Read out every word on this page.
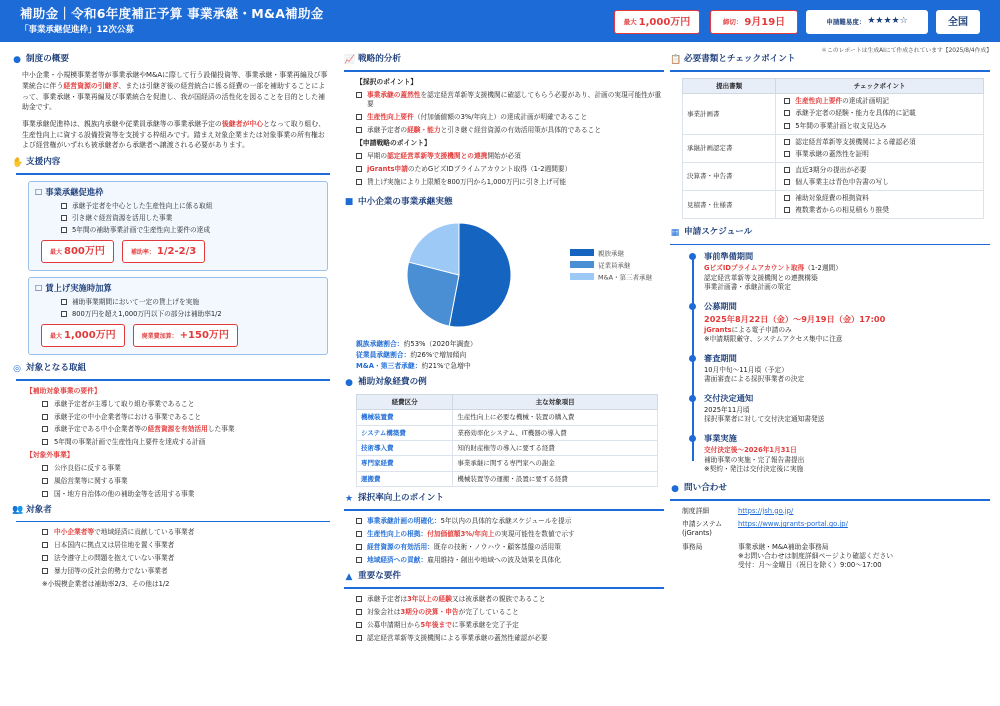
補助金｜令和6年度補正予算 事業承継・M&A補助金
「事業承継促進枠」12次公募
最大 1,000万円	締切： 9月19日	申請難易度： ★★★★☆	全国
＊このレポートは生成AIにて作成されています【2025/8/4作成】
● 制度の概要
中小企業・小規模事業者等が事業承継やM&Aに際して行う設備投資等、事業承継・事業再編及び事業統合に伴う経営資源の引継ぎ、または引継ぎ後の経営統合に係る経費の一部を補助することによって、事業承継・事業再編及び事業統合を促進し、我が国経済の活性化を図ることを目的とした補助金です。
事業承継促進枠は、親族内承継や従業員承継等の事業承継予定の後継者が中心となって取り組む、生産性向上に資する設備投資等を支援する枠組みです。踏まえ対象企業または対象事業の所有権および経営権がいずれも被承継者から承継者へ譲渡される必要があります。
✋ 支援内容
☐ 事業承継促進枠
承継予定者を中心とした生産性向上に係る取組
引き継ぐ経営資源を活用した事業
5年間の補助事業計画で生産性向上要件の達成
最大 800万円	補助率： 1/2-2/3
☐ 賃上げ実施時加算
補助事業期間において一定の賃上げを実施
800万円を超え1,000万円以下の部分は補助率1/2
最大 1,000万円	廃業費加算： +150万円
◎ 対象となる取組
【補助対象事業の要件】
承継予定者が主導して取り組む事業であること
承継予定の中小企業者等における事業であること
承継予定である中小企業者等の経営資源を有効活用した事業
5年間の事業計画で生産性向上要件を達成する計画
【対象外事業】
公序良俗に反する事業
風俗営業等に関する事業
国・地方自治体の他の補助金等を活用する事業
👥 対象者
中小企業者等で地域経済に貢献している事業者
日本国内に拠点又は居住地を置く事業者
法令遵守上の問題を抱えていない事業者
暴力団等の反社会的勢力でない事業者
※小規模企業者は補助率2/3、その他は1/2
📈 戦略的分析
【採択のポイント】
事業承継の蓋然性を認定経営革新等支援機関に確認してもらう必要があり、計画の実現可能性が重要
生産性向上要件（付加価値額の3%/年向上）の達成計画が明確であること
承継予定者の経験・能力と引き継ぐ経営資源の有効活用策が具体的であること
【申請戦略のポイント】
早期の認定経営革新等支援機関との連携開始が必須
jGrants申請のためGビズIDプライムアカウント取得（1-2週間要）
賃上げ実施により上限額を800万円から1,000万円に引き上げ可能
■ 中小企業の事業承継実態
親族承継
従業員承継
M&A・第三者承継
親族承継割合：約53%（2020年調査）
従業員承継割合：約26%で増加傾向
M&A・第三者承継：約21%で急増中
● 補助対象経費の例
経費区分	主な対象項目
機械装置費	生産性向上に必要な機械・装置の購入費
システム構築費	業務効率化システム、IT機器の導入費
技術導入費	知的財産権等の導入に要する経費
専門家経費	事業承継に関する専門家への謝金
運搬費	機械装置等の運搬・設置に要する経費
★ 採択率向上のポイント
事業承継計画の明確化：5年以内の具体的な承継スケジュールを提示
生産性向上の根拠：付加価値額3%/年向上の実現可能性を数値で示す
経営資源の有効活用：既存の技術・ノウハウ・顧客基盤の活用策
地域経済への貢献：雇用維持・創出や地域への波及効果を具体化
▲ 重要な要件
承継予定者は3年以上の経験又は被承継者の親族であること
対象会社は3期分の決算・申告が完了していること
公募申請期日から5年後までに事業承継を完了予定
認定経営革新等支援機関による事業承継の蓋然性確認が必要
📋 必要書類とチェックポイント
提出書類	チェックポイント
事業計画書	生産性向上要件の達成計画明記
承継予定者の経験・能力を具体的に記載
5年間の事業計画と収支見込み

承継計画認定書	認定経営革新等支援機関による確認必須
事業承継の蓋然性を証明

決算書・申告書	直近3期分の提出が必要
個人事業主は青色申告書の写し

見積書・仕様書	補助対象経費の根拠資料
複数業者からの相見積もり推奨
▦ 申請スケジュール
事前準備期間
GビズIDプライムアカウント取得（1-2週間）
認定経営革新等支援機関との連携構築
事業計画書・承継計画の策定
公募期間
2025年8月22日（金）～9月19日（金）17:00
jGrantsによる電子申請のみ
※申請期限厳守、システムアクセス集中に注意
審査期間
10月中旬～11月頃（予定）
書面審査による採択事業者の決定
交付決定通知
2025年11月頃
採択事業者に対して交付決定通知書発送
事業実施
交付決定後～2026年1月31日
補助事業の実施・完了報告書提出
※契約・発注は交付決定後に実施
● 問い合わせ
制度詳細	https://jsh.go.jp/
申請システム(jGrants)
https://www.jgrants-portal.go.jp/
事務局	事業承継・M&A補助金事務局
※お問い合わせは制度詳細ページより確認ください
受付：月～金曜日（祝日を除く）9:00～17:00
